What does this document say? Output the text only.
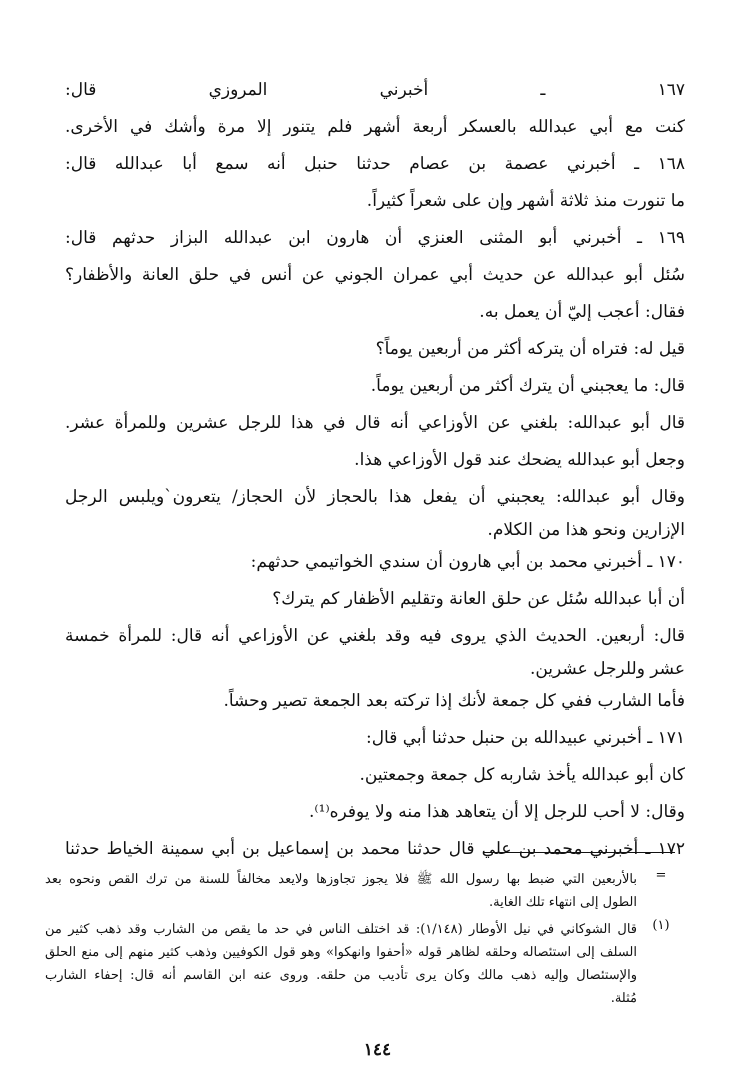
١٦٧ ـ أخبرني المروزي قال:
كنت مع أبي عبدالله بالعسكر أربعة أشهر فلم يتنور إلا مرة وأشك في الأخرى.
١٦٨ ـ أخبرني عصمة بن عصام حدثنا حنبل أنه سمع أبا عبدالله قال:
ما تنورت منذ ثلاثة أشهر وإن على شعراً كثيراً.
١٦٩ ـ أخبرني أبو المثنى العنزي أن هارون ابن عبدالله البزاز حدثهم قال:
سُئل أبو عبدالله عن حديث أبي عمران الجوني عن أنس في حلق العانة والأظفار؟
فقال: أعجب إليّ أن يعمل به.
قيل له: فتراه أن يتركه أكثر من أربعين يوماً؟
قال: ما يعجبني أن يترك أكثر من أربعين يوماً.
قال أبو عبدالله: بلغني عن الأوزاعي أنه قال في هذا للرجل عشرين وللمرأة عشر.
وجعل أبو عبدالله يضحك عند قول الأوزاعي هذا.
وقال أبو عبدالله: يعجبني أن يفعل هذا بالحجاز لأن الحجاز/ يتعرون`ويلبس الرجل
الإزارين ونحو هذا من الكلام.
١٧٠ ـ أخبرني محمد بن أبي هارون أن سندي الخواتيمي حدثهم:
أن أبا عبدالله سُئل عن حلق العانة وتقليم الأظفار كم يترك؟
قال: أربعين. الحديث الذي يروى فيه وقد بلغني عن الأوزاعي أنه قال: للمرأة خمسة
عشر وللرجل عشرين.
فأما الشارب ففي كل جمعة لأنك إذا تركته بعد الجمعة تصير وحشاً.
١٧١ ـ أخبرني عبيدالله بن حنبل حدثنا أبي قال:
كان أبو عبدالله يأخذ شاربه كل جمعة وجمعتين.
وقال: لا أحب للرجل إلا أن يتعاهد هذا منه ولا يوفره⁽¹⁾.
١٧٢ ـ أخبرني محمد بن علي قال حدثنا محمد بن إسماعيل بن أبي سمينة الخياط حدثنا
=
بالأربعين التي ضبط بها رسول الله ﷺ فلا يجوز تجاوزها ولايعد مخالفاً للسنة من ترك القص ونحوه بعد
الطول إلى انتهاء تلك الغاية.
(١)
قال الشوكاني في نيل الأوطار (١/١٤٨): قد اختلف الناس في حد ما يقص من الشارب وقد ذهب كثير من
السلف إلى استئصاله وحلقه لظاهر قوله «أحفوا وانهكوا» وهو قول الكوفيين وذهب كثير منهم إلى منع الحلق
والإستئصال وإليه ذهب مالك وكان يرى تأديب من حلقه. وروى عنه ابن القاسم أنه قال: إحفاء الشارب
مُثلة.
١٤٤
